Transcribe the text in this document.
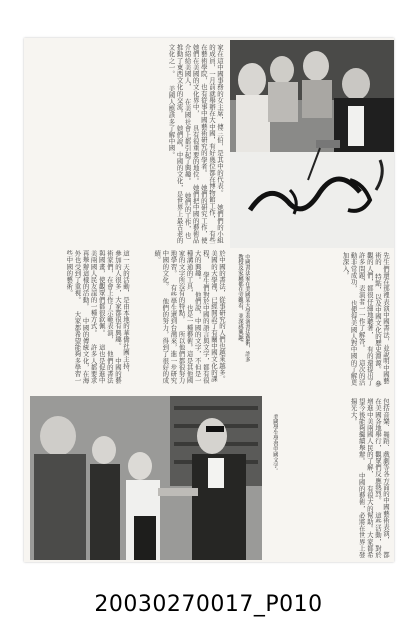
中國書法家在美國某大學表演書法藝術，許多教授及家屬都在旁觀看，並深感興趣。
家在這中國事務的女主席，傳三伯，是其中的代表。 她們們的小組的成員，一月前就舉辦在大中國，有好幾位都在博物館工作， 有些在藝術學院，也有從事中國藝術研究的學者。 她們的研究工作，使她們在美國的文化界中， 具有很重要的地位。她們把中國的藝術品介紹給美國人， 在美國社會上都引起了興趣。 她們的工作，也推動了東西文化的交流。 她們說，中國的文化，是世界上最古老的文化之一。 美國人應該多了解中國。
這一天的活動，是由本地的華僑社團主持， 參加的人很多，大家都很有興趣。 中國的藝術家們，在會上作了示範表演， 他們的書法與國畫，使觀眾們都很欽佩。 這也是促進中美兩國人民友誼的一種方式。 許多人都要求再舉辦這樣的活動。 中國的傳統文化，在海外也受到了重視。 大家都希望能夠多學習一些中國的藝術。	於中國的書法，從事研究的人們也越來越多。 美國的大學裡，已經開設了有關中國文化的課程， 學生們對於中國的語言與文字，都有很大的興趣。 他們說，中國的文字，不但是一種溝通的工具， 也是一種藝術。這是其他國家的文字所沒有的特點。 所以他們都很努力地學習。 有些學生還到台灣來，進一步研究中國的文化。 他們的努力，得到了很好的成績。	先生們還在那裡表演中國書法，並說明中國藝術的 特點，以及中國文化的歷史淵源。 參觀的人們，都很仔細地聽著， 有的還提出了許多問題，表演者一一作了解答。 這次的活動非常成功， 也使得美國人對中國的了解更加深入。
美國學生學習中國文字。	包括音樂、舞蹈、戲劇等各方面的中國藝術表演， 都在美國各地舉行，觀眾們反應熱烈。 這些活動，對於增進中美兩國人民的了解， 有很大的幫助。大家都希望今後能夠繼續舉辦。 中國的藝術，必將在世界上發揚光大。
20030270017_P010
